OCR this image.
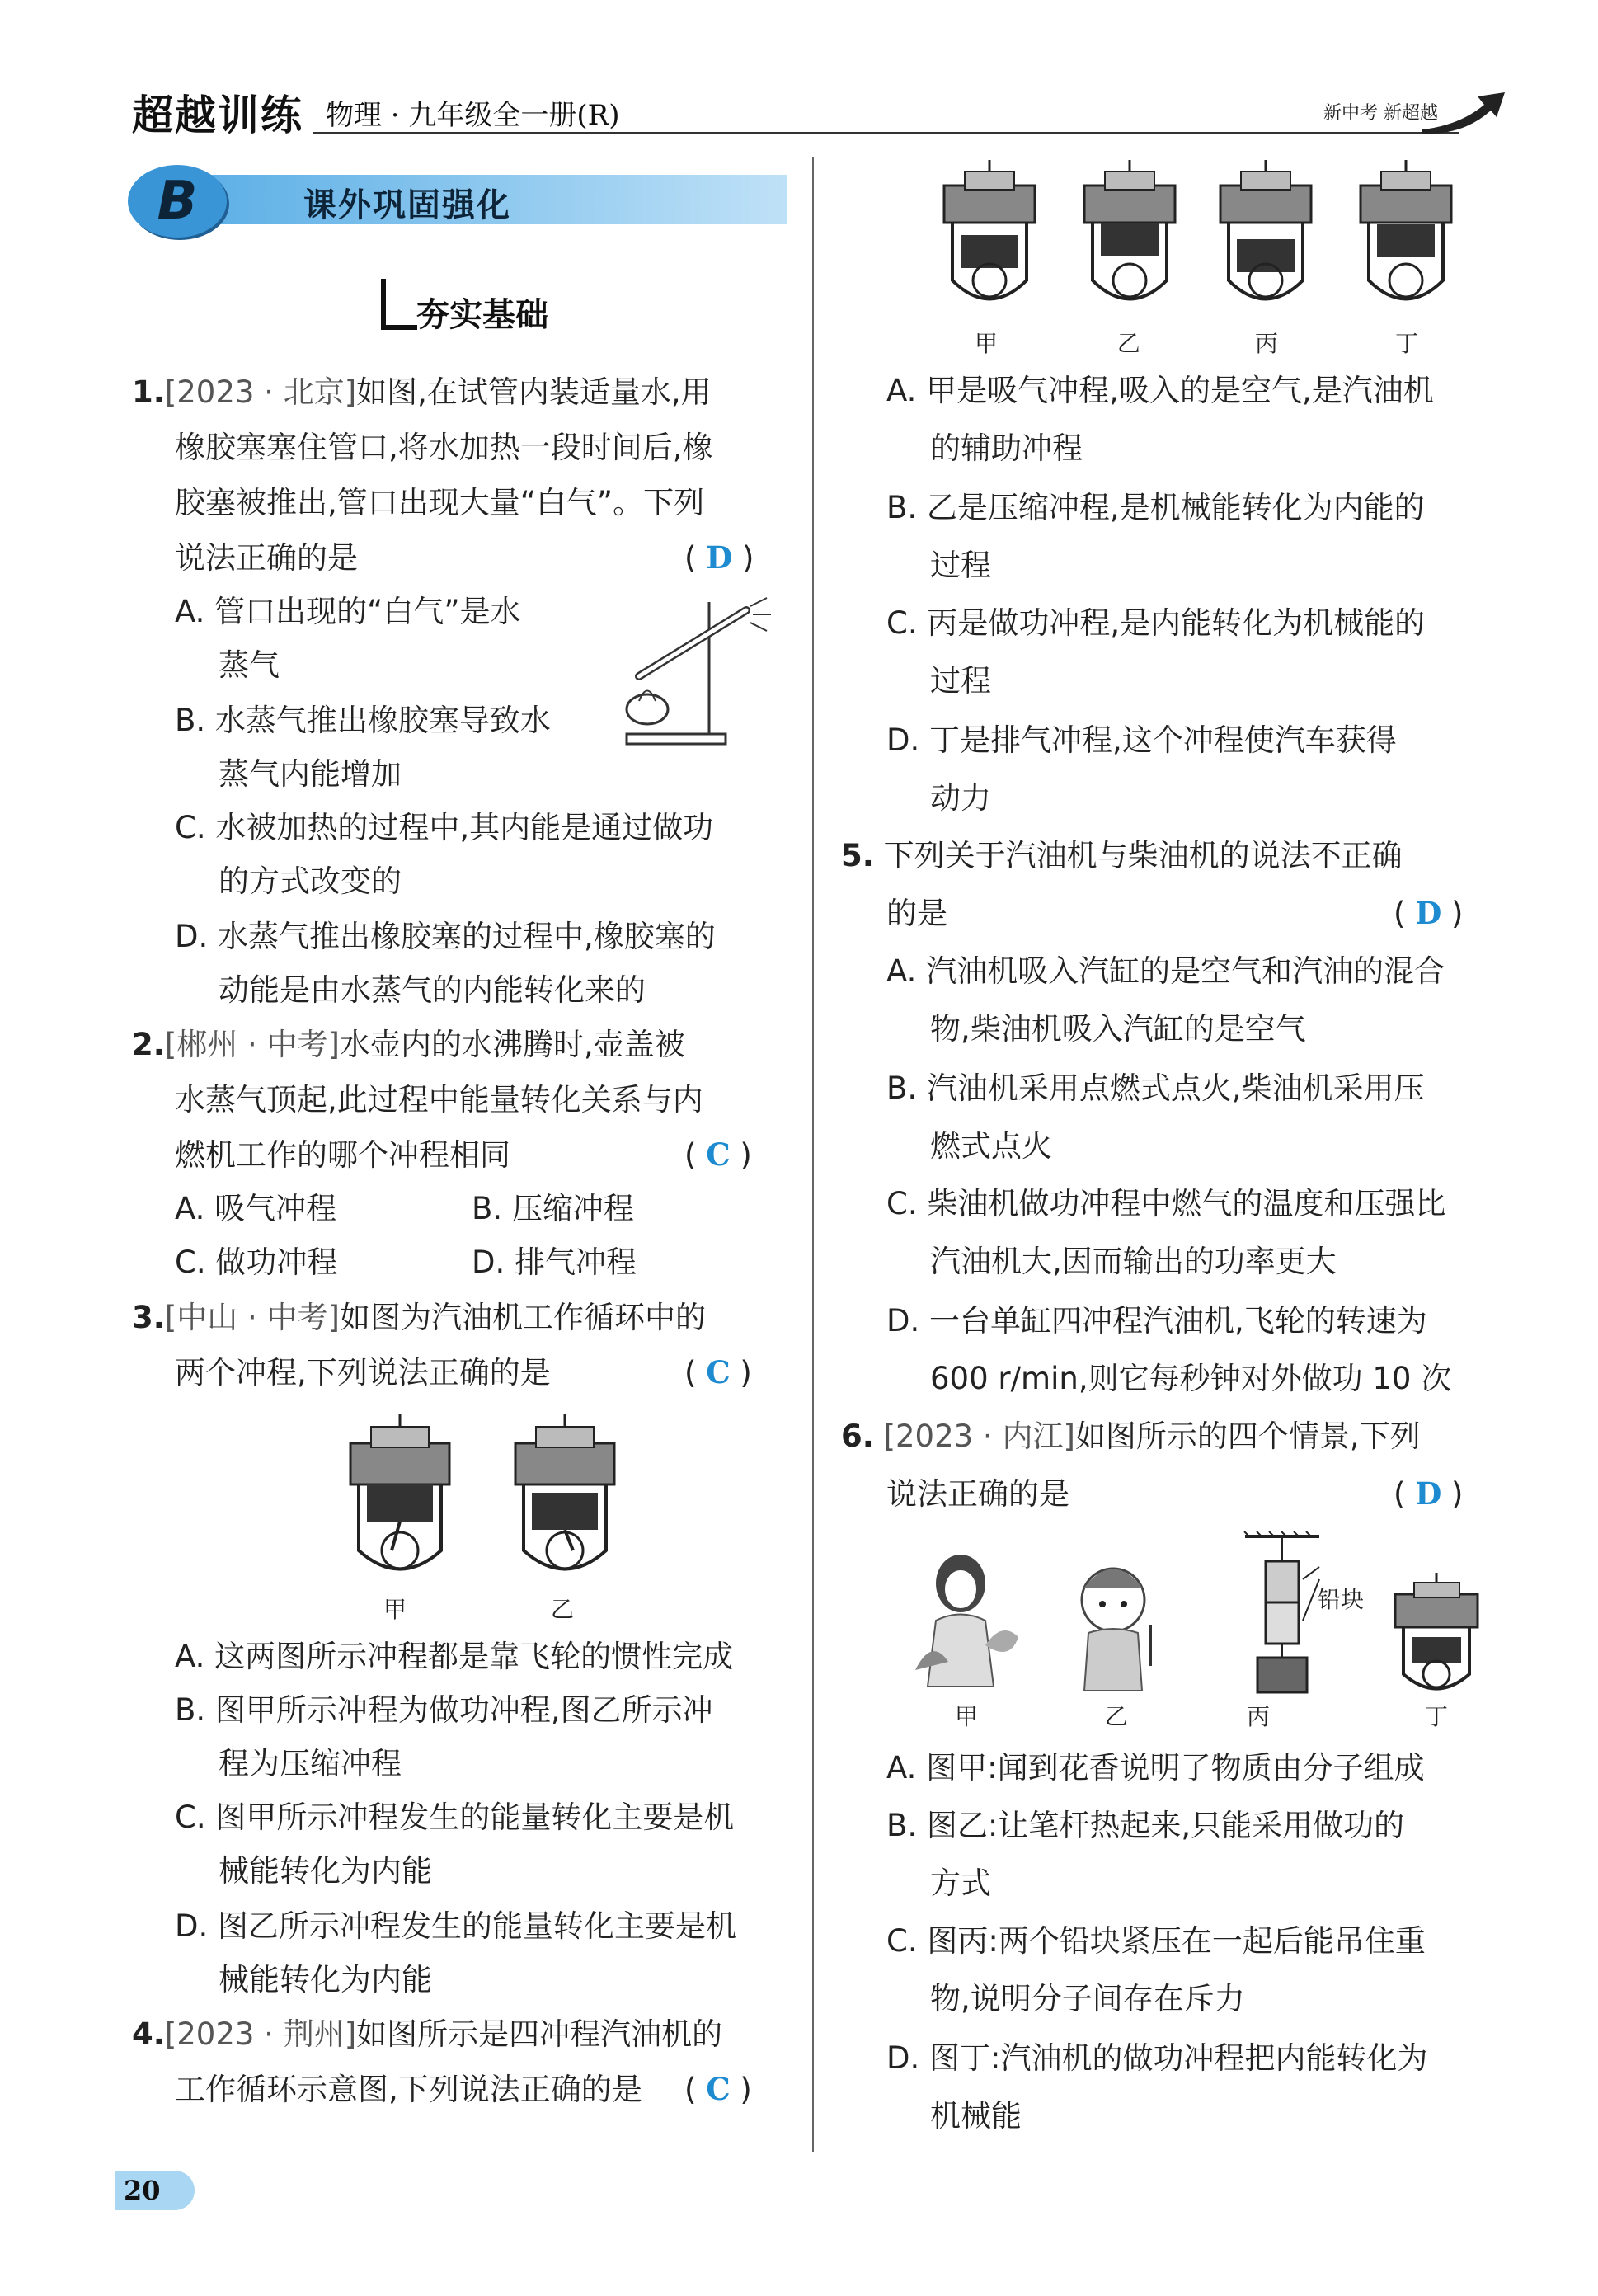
超越训练 物理 · 九年级全一册(R)	新中考 新超越
B	课外巩固强化
夯实基础
1.[2023 · 北京]如图,在试管内装适量水,用
橡胶塞塞住管口,将水加热一段时间后,橡
胶塞被推出,管口出现大量“白气”。下列
说法正确的是	( D )
A. 管口出现的“白气”是水
蒸气
B. 水蒸气推出橡胶塞导致水
蒸气内能增加
C. 水被加热的过程中,其内能是通过做功
的方式改变的
D. 水蒸气推出橡胶塞的过程中,橡胶塞的
动能是由水蒸气的内能转化来的
2.[郴州 · 中考]水壶内的水沸腾时,壶盖被
水蒸气顶起,此过程中能量转化关系与内
燃机工作的哪个冲程相同	( C )
A. 吸气冲程	B. 压缩冲程
C. 做功冲程	D. 排气冲程
3.[中山 · 中考]如图为汽油机工作循环中的
两个冲程,下列说法正确的是	( C )
甲	乙
A. 这两图所示冲程都是靠飞轮的惯性完成
B. 图甲所示冲程为做功冲程,图乙所示冲
程为压缩冲程
C. 图甲所示冲程发生的能量转化主要是机
械能转化为内能
D. 图乙所示冲程发生的能量转化主要是机
械能转化为内能
4.[2023 · 荆州]如图所示是四冲程汽油机的
工作循环示意图,下列说法正确的是 ( C )
甲	乙	丙	丁
A. 甲是吸气冲程,吸入的是空气,是汽油机
的辅助冲程
B. 乙是压缩冲程,是机械能转化为内能的
过程
C. 丙是做功冲程,是内能转化为机械能的
过程
D. 丁是排气冲程,这个冲程使汽车获得
动力
5. 下列关于汽油机与柴油机的说法不正确
的是	( D )
A. 汽油机吸入汽缸的是空气和汽油的混合
物,柴油机吸入汽缸的是空气
B. 汽油机采用点燃式点火,柴油机采用压
燃式点火
C. 柴油机做功冲程中燃气的温度和压强比
汽油机大,因而输出的功率更大
D. 一台单缸四冲程汽油机,飞轮的转速为
600 r/min,则它每秒钟对外做功 10 次
6. [2023 · 内江]如图所示的四个情景,下列
说法正确的是	( D )
铅块
甲	乙	丙	丁
A. 图甲:闻到花香说明了物质由分子组成
B. 图乙:让笔杆热起来,只能采用做功的
方式
C. 图丙:两个铅块紧压在一起后能吊住重
物,说明分子间存在斥力
D. 图丁:汽油机的做功冲程把内能转化为
机械能
20
